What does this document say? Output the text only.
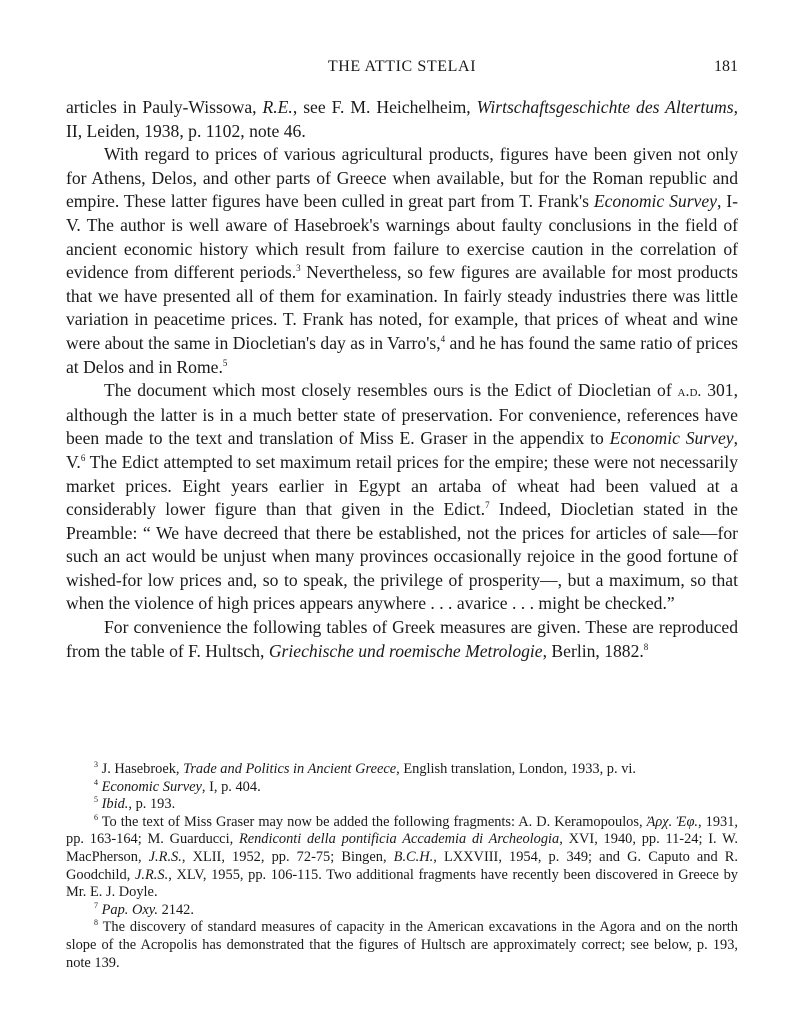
THE ATTIC STELAI	181

articles in Pauly-Wissowa, R.E., see F. M. Heichelheim, Wirtschaftsgeschichte des Altertums, II, Leiden, 1938, p. 1102, note 46.

With regard to prices of various agricultural products, figures have been given not only for Athens, Delos, and other parts of Greece when available, but for the Roman republic and empire. These latter figures have been culled in great part from T. Frank's Economic Survey, I-V. The author is well aware of Hasebroek's warnings about faulty conclusions in the field of ancient economic history which result from failure to exercise caution in the correlation of evidence from different periods.$^3$ Nevertheless, so few figures are available for most products that we have presented all of them for examination. In fairly steady industries there was little variation in peacetime prices. T. Frank has noted, for example, that prices of wheat and wine were about the same in Diocletian's day as in Varro's,$^4$ and he has found the same ratio of prices at Delos and in Rome.$^5$

The document which most closely resembles ours is the Edict of Diocletian of a.d. 301, although the latter is in a much better state of preservation. For convenience, references have been made to the text and translation of Miss E. Graser in the appendix to Economic Survey, V.$^6$ The Edict attempted to set maximum retail prices for the empire; these were not necessarily market prices. Eight years earlier in Egypt an artaba of wheat had been valued at a considerably lower figure than that given in the Edict.$^7$ Indeed, Diocletian stated in the Preamble: “ We have decreed that there be established, not the prices for articles of sale—for such an act would be unjust when many provinces occasionally rejoice in the good fortune of wished-for low prices and, so to speak, the privilege of prosperity—, but a maximum, so that when the violence of high prices appears anywhere . . . avarice . . . might be checked.”

For convenience the following tables of Greek measures are given. These are reproduced from the table of F. Hultsch, Griechische und roemische Metrologie, Berlin, 1882.$^8$

$^3$ J. Hasebroek, Trade and Politics in Ancient Greece, English translation, London, 1933, p. vi.

$^4$ Economic Survey, I, p. 404.

$^5$ Ibid., p. 193.

$^6$ To the text of Miss Graser may now be added the following fragments: A. D. Keramopoulos, Ἀρχ. Ἐφ., 1931, pp. 163-164; M. Guarducci, Rendiconti della pontificia Accademia di Archeologia, XVI, 1940, pp. 11-24; I. W. MacPherson, J.R.S., XLII, 1952, pp. 72-75; Bingen, B.C.H., LXXVIII, 1954, p. 349; and G. Caputo and R. Goodchild, J.R.S., XLV, 1955, pp. 106-115. Two additional fragments have recently been discovered in Greece by Mr. E. J. Doyle.

$^7$ Pap. Oxy. 2142.

$^8$ The discovery of standard measures of capacity in the American excavations in the Agora and on the north slope of the Acropolis has demonstrated that the figures of Hultsch are approximately correct; see below, p. 193, note 139.
